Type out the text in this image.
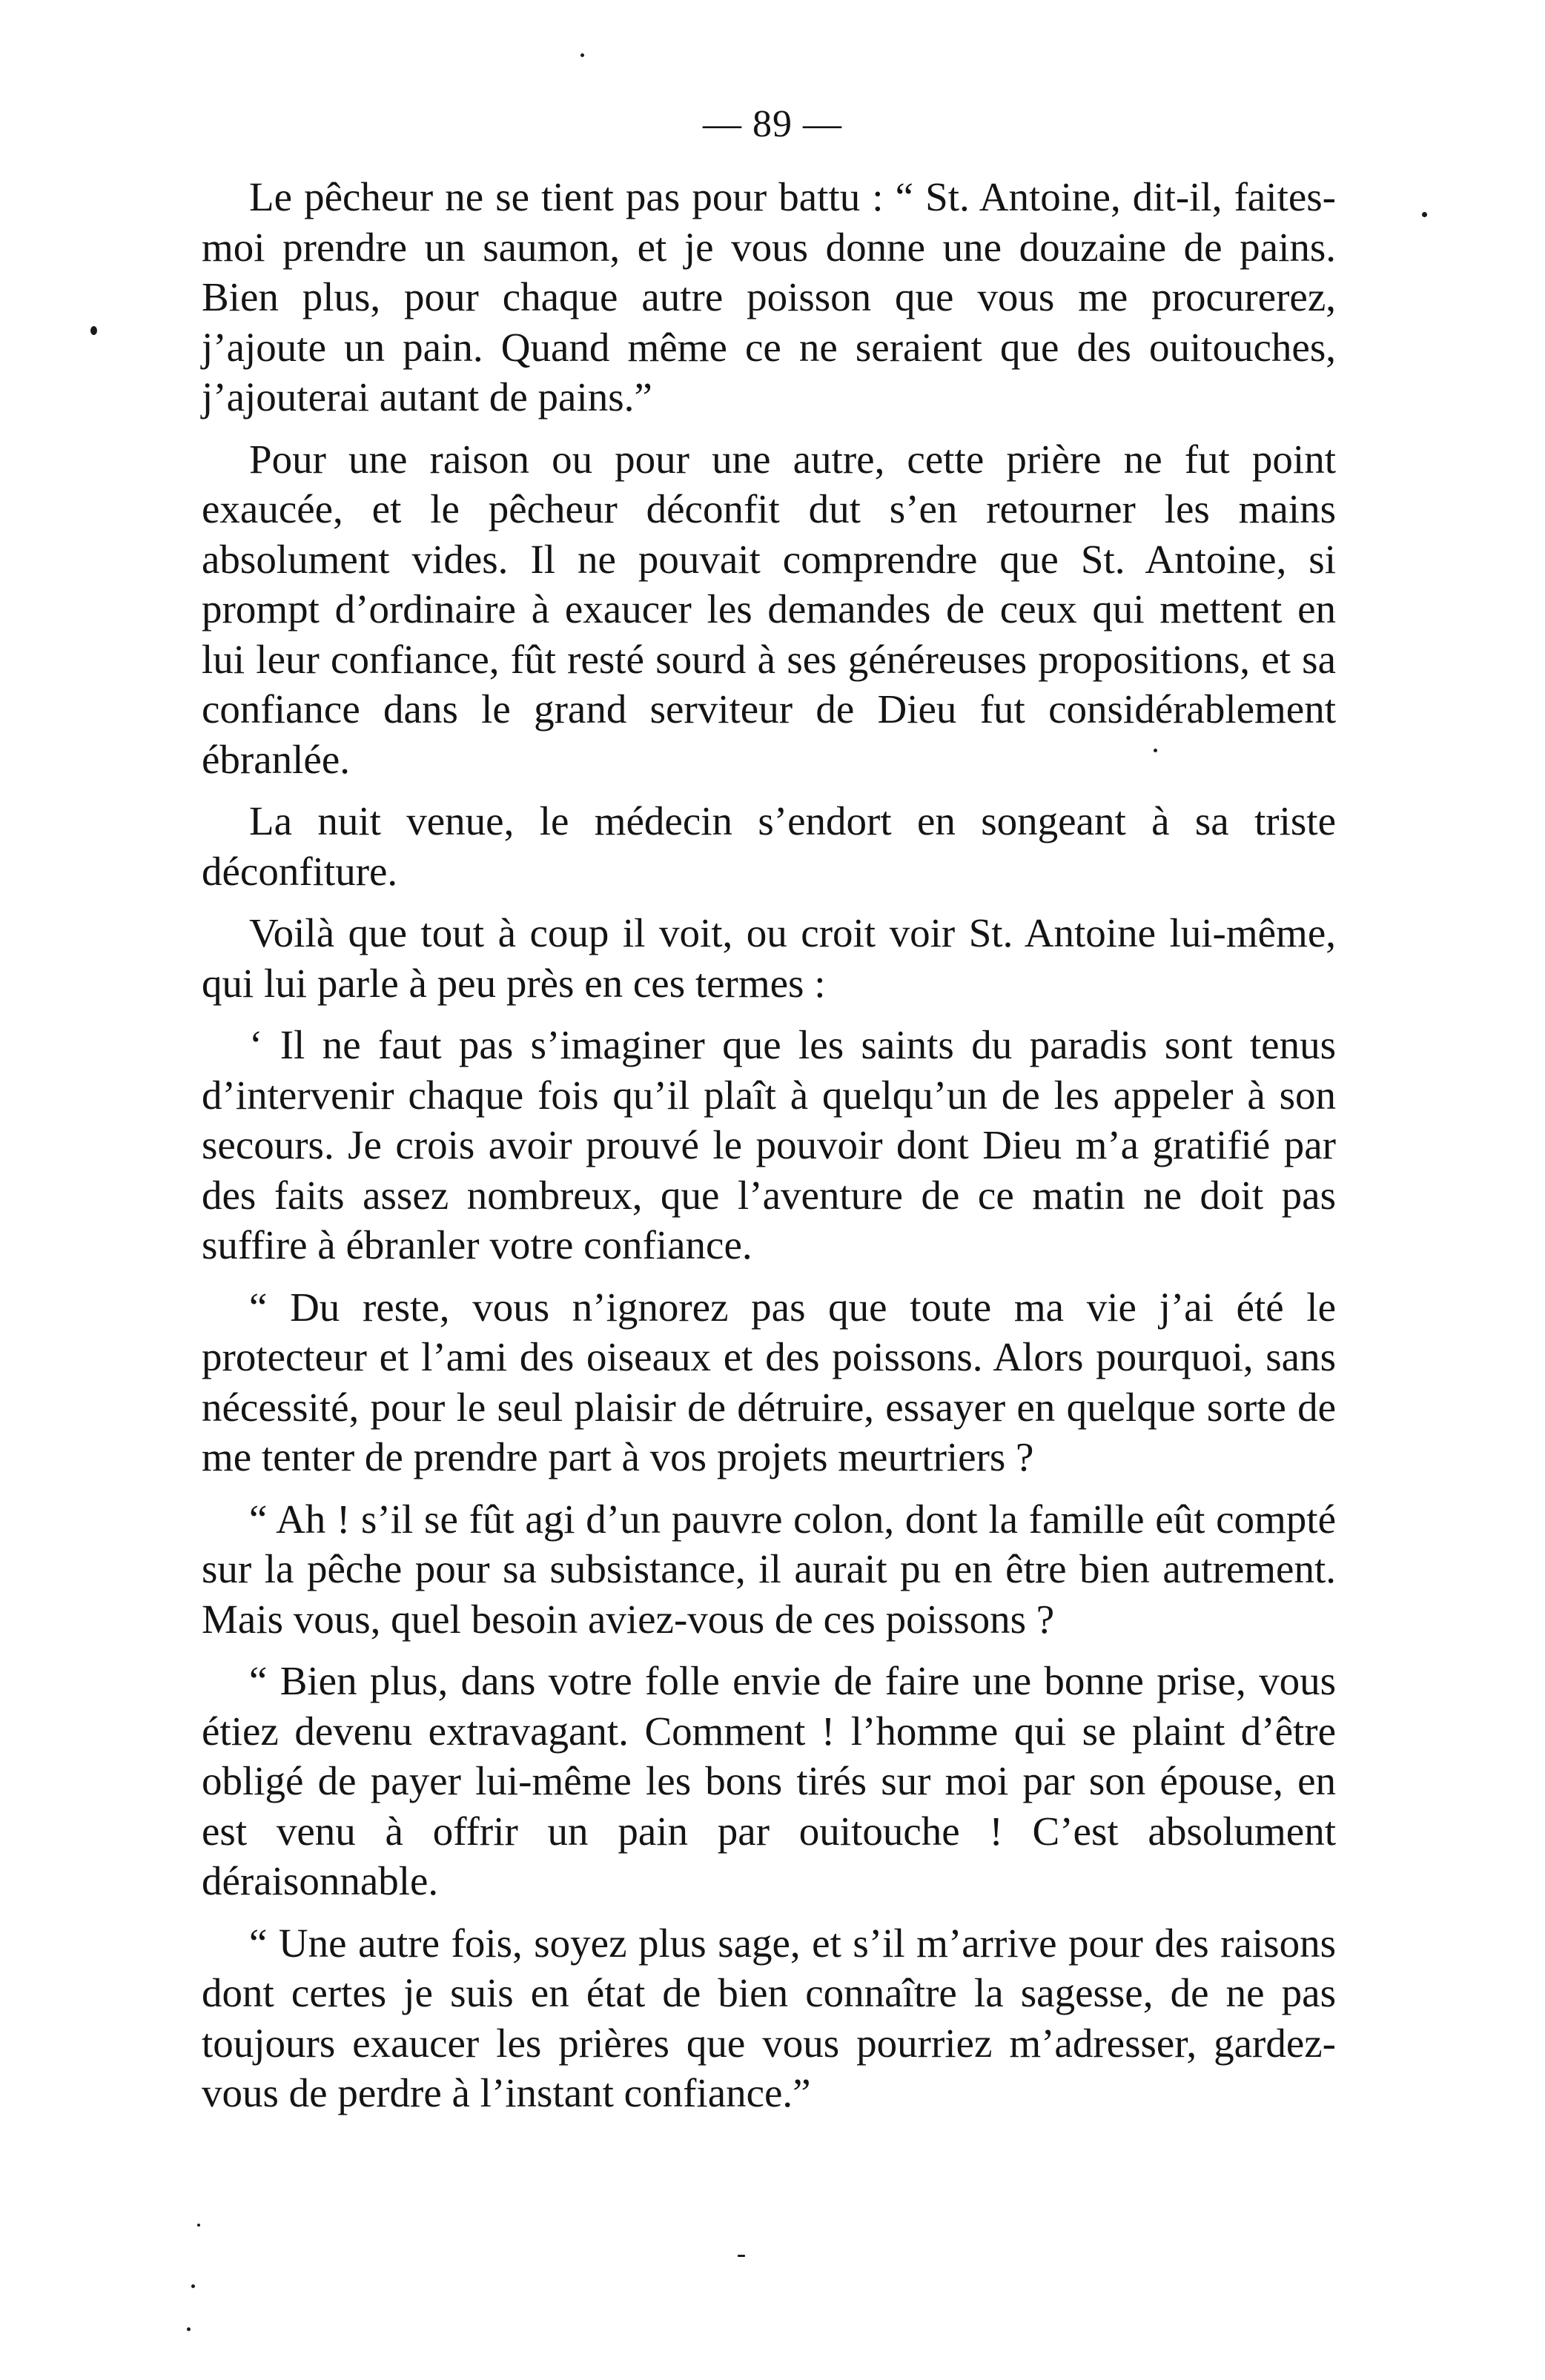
— 89 —

Le pêcheur ne se tient pas pour battu : “ St. Antoine, dit-il, faites-moi prendre un saumon, et je vous donne une douzaine de pains. Bien plus, pour chaque autre poisson que vous me procurerez, j’ajoute un pain. Quand même ce ne seraient que des ouitouches, j’ajouterai autant de pains.”

Pour une raison ou pour une autre, cette prière ne fut point exaucée, et le pêcheur déconfit dut s’en retourner les mains absolument vides. Il ne pouvait comprendre que St. Antoine, si prompt d’ordinaire à exaucer les demandes de ceux qui mettent en lui leur confiance, fût resté sourd à ses généreuses propositions, et sa confiance dans le grand serviteur de Dieu fut considérablement ébranlée.

La nuit venue, le médecin s’endort en songeant à sa triste déconfiture.

Voilà que tout à coup il voit, ou croit voir St. Antoine lui-même, qui lui parle à peu près en ces termes :

‘ Il ne faut pas s’imaginer que les saints du paradis sont tenus d’intervenir chaque fois qu’il plaît à quelqu’un de les appeler à son secours. Je crois avoir prouvé le pouvoir dont Dieu m’a gratifié par des faits assez nombreux, que l’aventure de ce matin ne doit pas suffire à ébranler votre confiance.

“ Du reste, vous n’ignorez pas que toute ma vie j’ai été le protecteur et l’ami des oiseaux et des poissons. Alors pourquoi, sans nécessité, pour le seul plaisir de détruire, essayer en quelque sorte de me tenter de prendre part à vos projets meurtriers ?

“ Ah ! s’il se fût agi d’un pauvre colon, dont la famille eût compté sur la pêche pour sa subsistance, il aurait pu en être bien autrement. Mais vous, quel besoin aviez-vous de ces poissons ?

“ Bien plus, dans votre folle envie de faire une bonne prise, vous étiez devenu extravagant. Comment ! l’homme qui se plaint d’être obligé de payer lui-même les bons tirés sur moi par son épouse, en est venu à offrir un pain par ouitouche ! C’est absolument déraisonnable.

“ Une autre fois, soyez plus sage, et s’il m’arrive pour des raisons dont certes je suis en état de bien connaître la sagesse, de ne pas toujours exaucer les prières que vous pourriez m’adresser, gardez-vous de perdre à l’instant confiance.”
